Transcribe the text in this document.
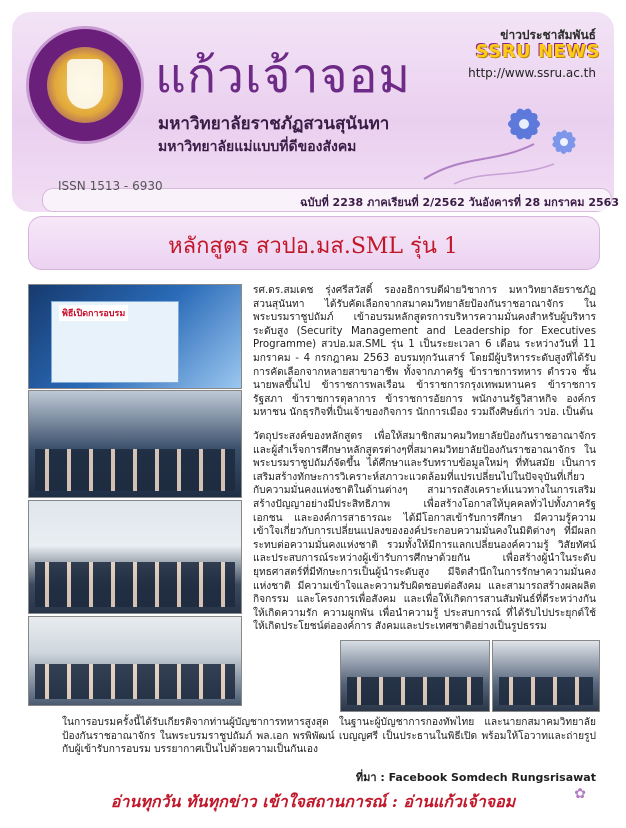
แก้วเจ้าจอม
มหาวิทยาลัยราชภัฏสวนสุนันทา
มหาวิทยาลัยแม่แบบที่ดีของสังคม
ข่าวประชาสัมพันธ์
SSRU NEWS
http://www.ssru.ac.th
ISSN 1513 - 6930
ฉบับที่ 2238 ภาคเรียนที่ 2/2562 วันอังคารที่ 28 มกราคม 2563
หลักสูตร สวปอ.มส.SML รุ่น 1
พิธีเปิดการอบรม

รศ.ดร.สมเดช รุ่งศรีสวัสดิ์ รองอธิการบดีฝ่ายวิชาการ มหาวิทยาลัยราชภัฏสวนสุนันทา ได้รับคัดเลือกจากสมาคมวิทยาลัยป้องกันราชอาณาจักร ในพระบรมราชูปถัมภ์ เข้าอบรมหลักสูตรการบริหารความมั่นคงสำหรับผู้บริหารระดับสูง (Security Management and Leadership for Executives Programme) สวปอ.มส.SML รุ่น 1 เป็นระยะเวลา 6 เดือน ระหว่างวันที่ 11 มกราคม - 4 กรกฎาคม 2563 อบรมทุกวันเสาร์ โดยมีผู้บริหารระดับสูงที่ได้รับการคัดเลือกจากหลายสาขาอาชีพ ทั้งจากภาครัฐ ข้าราชการทหาร ตำรวจ ชั้นนายพลขึ้นไป ข้าราชการพลเรือน ข้าราชการกรุงเทพมหานคร ข้าราชการรัฐสภา ข้าราชการตุลาการ ข้าราชการอัยการ พนักงานรัฐวิสาหกิจ องค์กรมหาชน นักธุรกิจที่เป็นเจ้าของกิจการ นักการเมือง รวมถึงศิษย์เก่า วปอ. เป็นต้น

วัตถุประสงค์ของหลักสูตร เพื่อให้สมาชิกสมาคมวิทยาลัยป้องกันราชอาณาจักรและผู้สำเร็จการศึกษาหลักสูตรต่างๆที่สมาคมวิทยาลัยป้องกันราชอาณาจักร ในพระบรมราชูปถัมภ์จัดขึ้น ได้ศึกษาและรับทราบข้อมูลใหม่ๆ ที่ทันสมัย เป็นการเสริมสร้างทักษะการวิเคราะห์สภาวะแวดล้อมที่แปรเปลี่ยนไปในปัจจุบันที่เกี่ยวกับความมั่นคงแห่งชาติในด้านต่างๆ สามารถสังเคราะห์แนวทางในการเสริมสร้างปัญญาอย่างมีประสิทธิภาพ เพื่อสร้างโอกาสให้บุคคลทั่วไปทั้งภาครัฐ เอกชน และองค์การสาธารณะ ได้มีโอกาสเข้ารับการศึกษา มีความรู้ความเข้าใจเกี่ยวกับการเปลี่ยนแปลงขององค์ประกอบความมั่นคงในมิติต่างๆ ที่มีผลกระทบต่อความมั่นคงแห่งชาติ รวมทั้งให้มีการแลกเปลี่ยนองค์ความรู้ วิสัยทัศน์และประสบการณ์ระหว่างผู้เข้ารับการศึกษาด้วยกัน เพื่อสร้างผู้นำในระดับยุทธศาสตร์ที่มีทักษะการเป็นผู้นำระดับสูง มีจิตสำนึกในการรักษาความมั่นคงแห่งชาติ มีความเข้าใจและความรับผิดชอบต่อสังคม และสามารถสร้างผลผลิต กิจกรรม และโครงการเพื่อสังคม และเพื่อให้เกิดการสานสัมพันธ์ที่ดีระหว่างกัน ให้เกิดความรัก ความผูกพัน เพื่อนำความรู้ ประสบการณ์ ที่ได้รับไปประยุกต์ใช้ให้เกิดประโยชน์ต่อองค์การ สังคมและประเทศชาติอย่างเป็นรูปธรรม

ในการอบรมครั้งนี้ได้รับเกียรติจากท่านผู้บัญชาการทหารสูงสุด ในฐานะผู้บัญชาการกองทัพไทย และนายกสมาคมวิทยาลัยป้องกันราชอาณาจักร ในพระบรมราชูปถัมภ์ พล.เอก พรพิพัฒน์ เบญญศรี เป็นประธานในพิธีเปิด พร้อมให้โอวาทและถ่ายรูปกับผู้เข้ารับการอบรม บรรยากาศเป็นไปด้วยความเป็นกันเอง

ที่มา : Facebook Somdech Rungsrisawat
อ่านทุกวัน ทันทุกข่าว เข้าใจสถานการณ์ : อ่านแก้วเจ้าจอม	✿
